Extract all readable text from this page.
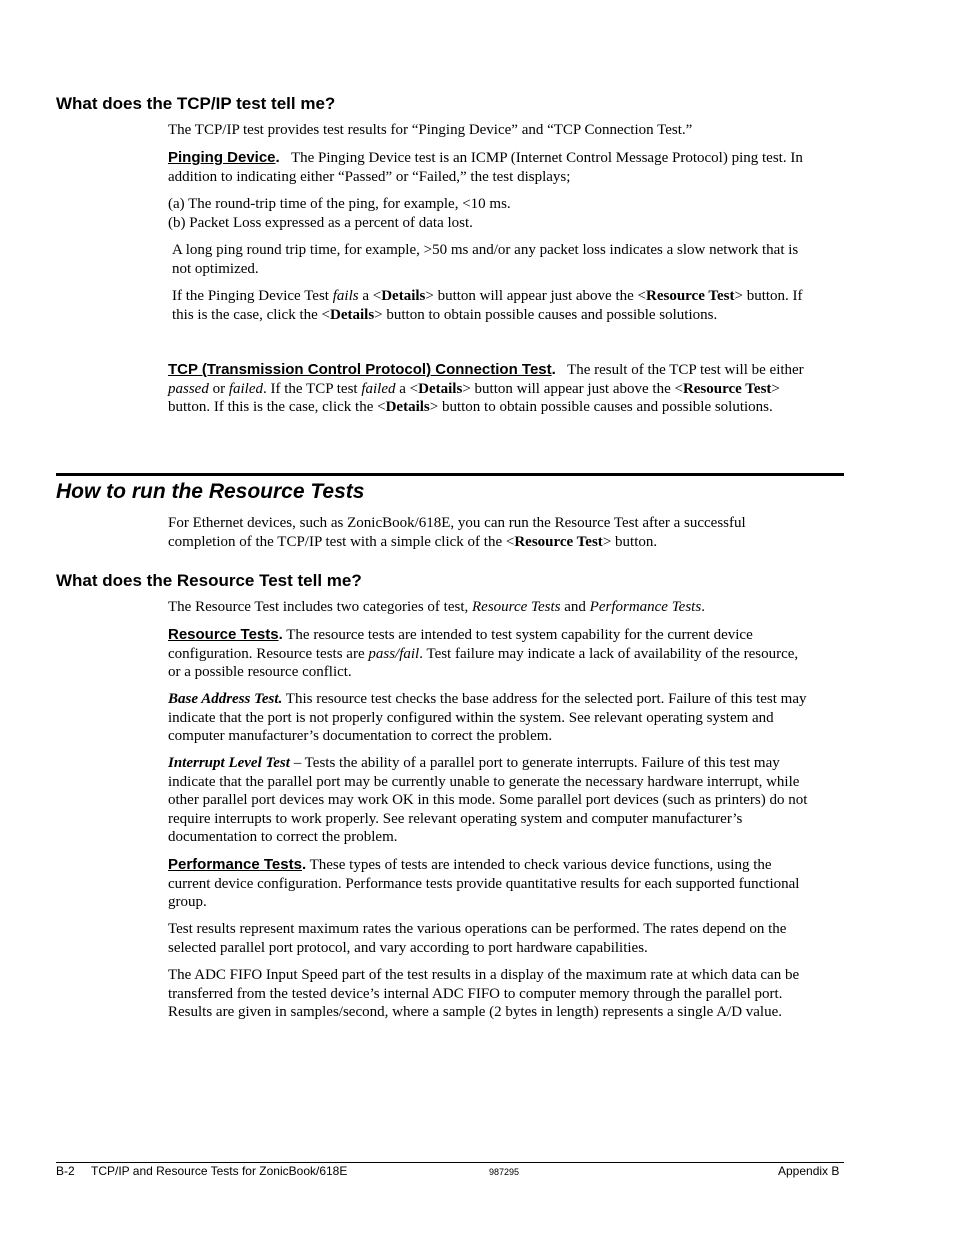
What does the TCP/IP test tell me?

The TCP/IP test provides test results for “Pinging Device” and “TCP Connection Test.”

Pinging Device. The Pinging Device test is an ICMP (Internet Control Message Protocol) ping test. In
addition to indicating either “Passed” or “Failed,” the test displays;

(a) The round-trip time of the ping, for example, <10 ms.
(b) Packet Loss expressed as a percent of data lost.

A long ping round trip time, for example, >50 ms and/or any packet loss indicates a slow network that is
not optimized.

If the Pinging Device Test fails a <Details> button will appear just above the <Resource Test> button. If
this is the case, click the <Details> button to obtain possible causes and possible solutions.

TCP (Transmission Control Protocol) Connection Test. The result of the TCP test will be either
passed or failed. If the TCP test failed a <Details> button will appear just above the <Resource Test>
button. If this is the case, click the <Details> button to obtain possible causes and possible solutions.

How to run the Resource Tests

For Ethernet devices, such as ZonicBook/618E, you can run the Resource Test after a successful
completion of the TCP/IP test with a simple click of the <Resource Test> button.

What does the Resource Test tell me?

The Resource Test includes two categories of test, Resource Tests and Performance Tests.

Resource Tests. The resource tests are intended to test system capability for the current device
configuration. Resource tests are pass/fail. Test failure may indicate a lack of availability of the resource,
or a possible resource conflict.

Base Address Test. This resource test checks the base address for the selected port. Failure of this test may
indicate that the port is not properly configured within the system. See relevant operating system and
computer manufacturer’s documentation to correct the problem.

Interrupt Level Test – Tests the ability of a parallel port to generate interrupts. Failure of this test may
indicate that the parallel port may be currently unable to generate the necessary hardware interrupt, while
other parallel port devices may work OK in this mode. Some parallel port devices (such as printers) do not
require interrupts to work properly. See relevant operating system and computer manufacturer’s
documentation to correct the problem.

Performance Tests. These types of tests are intended to check various device functions, using the
current device configuration. Performance tests provide quantitative results for each supported functional
group.

Test results represent maximum rates the various operations can be performed. The rates depend on the
selected parallel port protocol, and vary according to port hardware capabilities.

The ADC FIFO Input Speed part of the test results in a display of the maximum rate at which data can be
transferred from the tested device’s internal ADC FIFO to computer memory through the parallel port.
Results are given in samples/second, where a sample (2 bytes in length) represents a single A/D value.

B-2 TCP/IP and Resource Tests for ZonicBook/618E	987295	Appendix B
